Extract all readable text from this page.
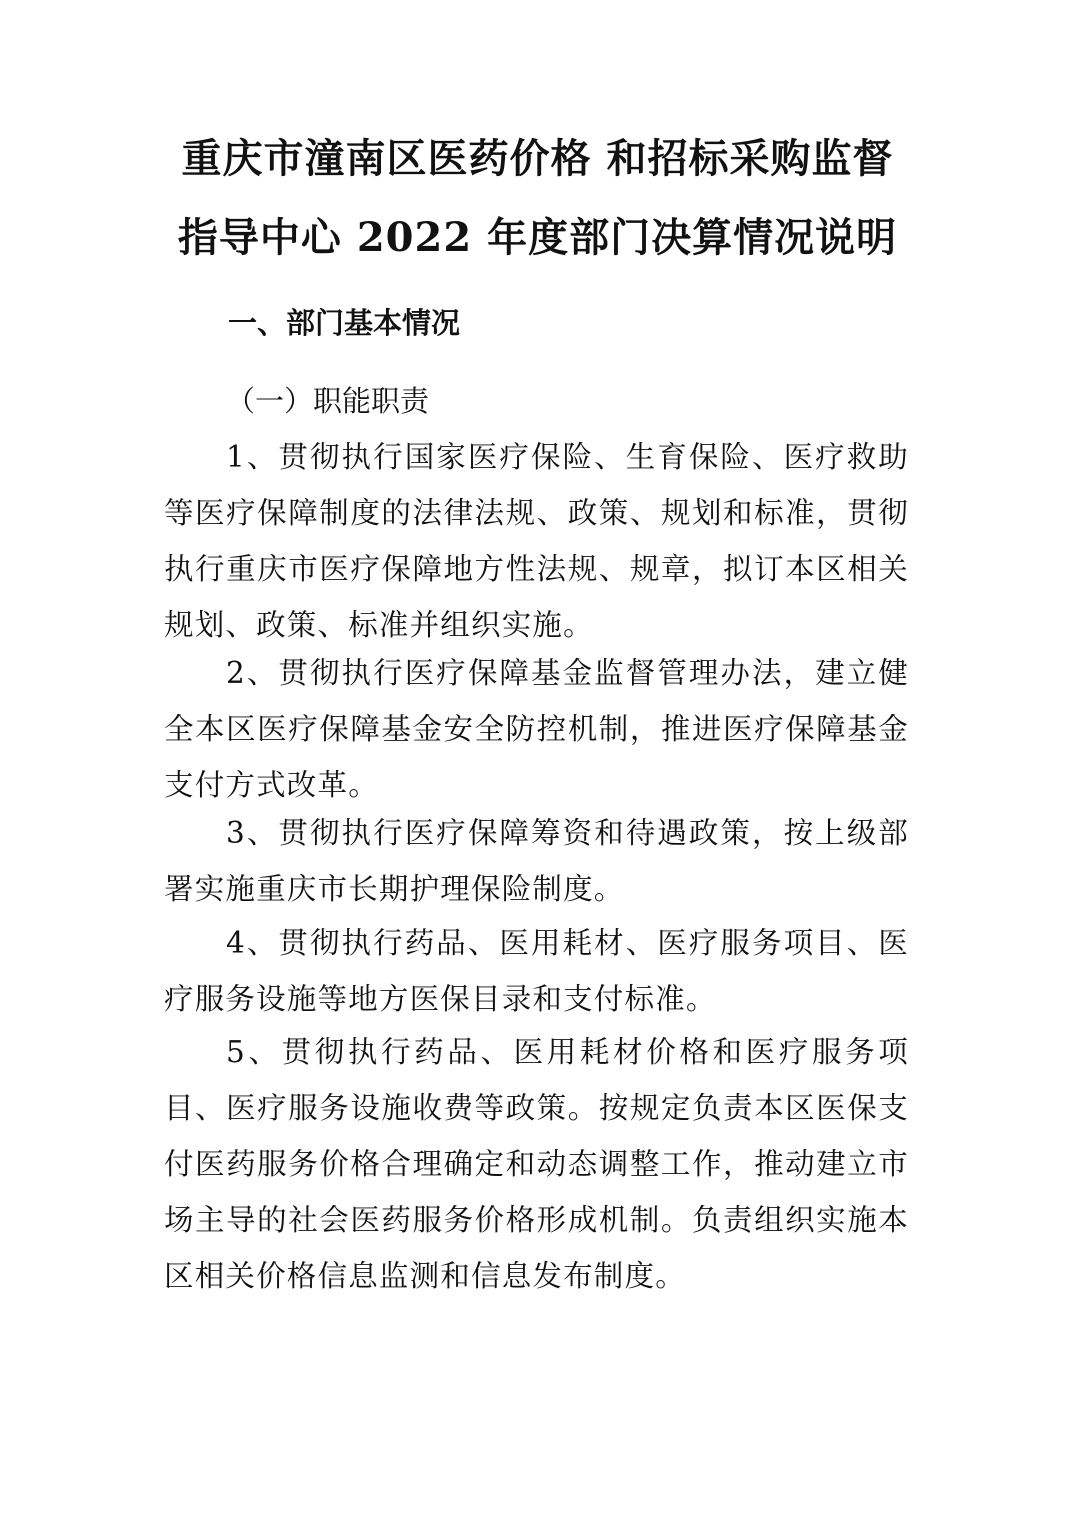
重庆市潼南区医药价格 和招标采购监督
指导中心 2022 年度部门决算情况说明
一、部门基本情况
（一）职能职责

1、贯彻执行国家医疗保险、生育保险、医疗救助等医疗保障制度的法律法规、政策、规划和标准，贯彻执行重庆市医疗保障地方性法规、规章，拟订本区相关规划、政策、标准并组织实施。

2、贯彻执行医疗保障基金监督管理办法，建立健全本区医疗保障基金安全防控机制，推进医疗保障基金支付方式改革。

3、贯彻执行医疗保障筹资和待遇政策，按上级部署实施重庆市长期护理保险制度。

4、贯彻执行药品、医用耗材、医疗服务项目、医疗服务设施等地方医保目录和支付标准。

5、贯彻执行药品、医用耗材价格和医疗服务项目、医疗服务设施收费等政策。按规定负责本区医保支付医药服务价格合理确定和动态调整工作，推动建立市场主导的社会医药服务价格形成机制。负责组织实施本区相关价格信息监测和信息发布制度。
